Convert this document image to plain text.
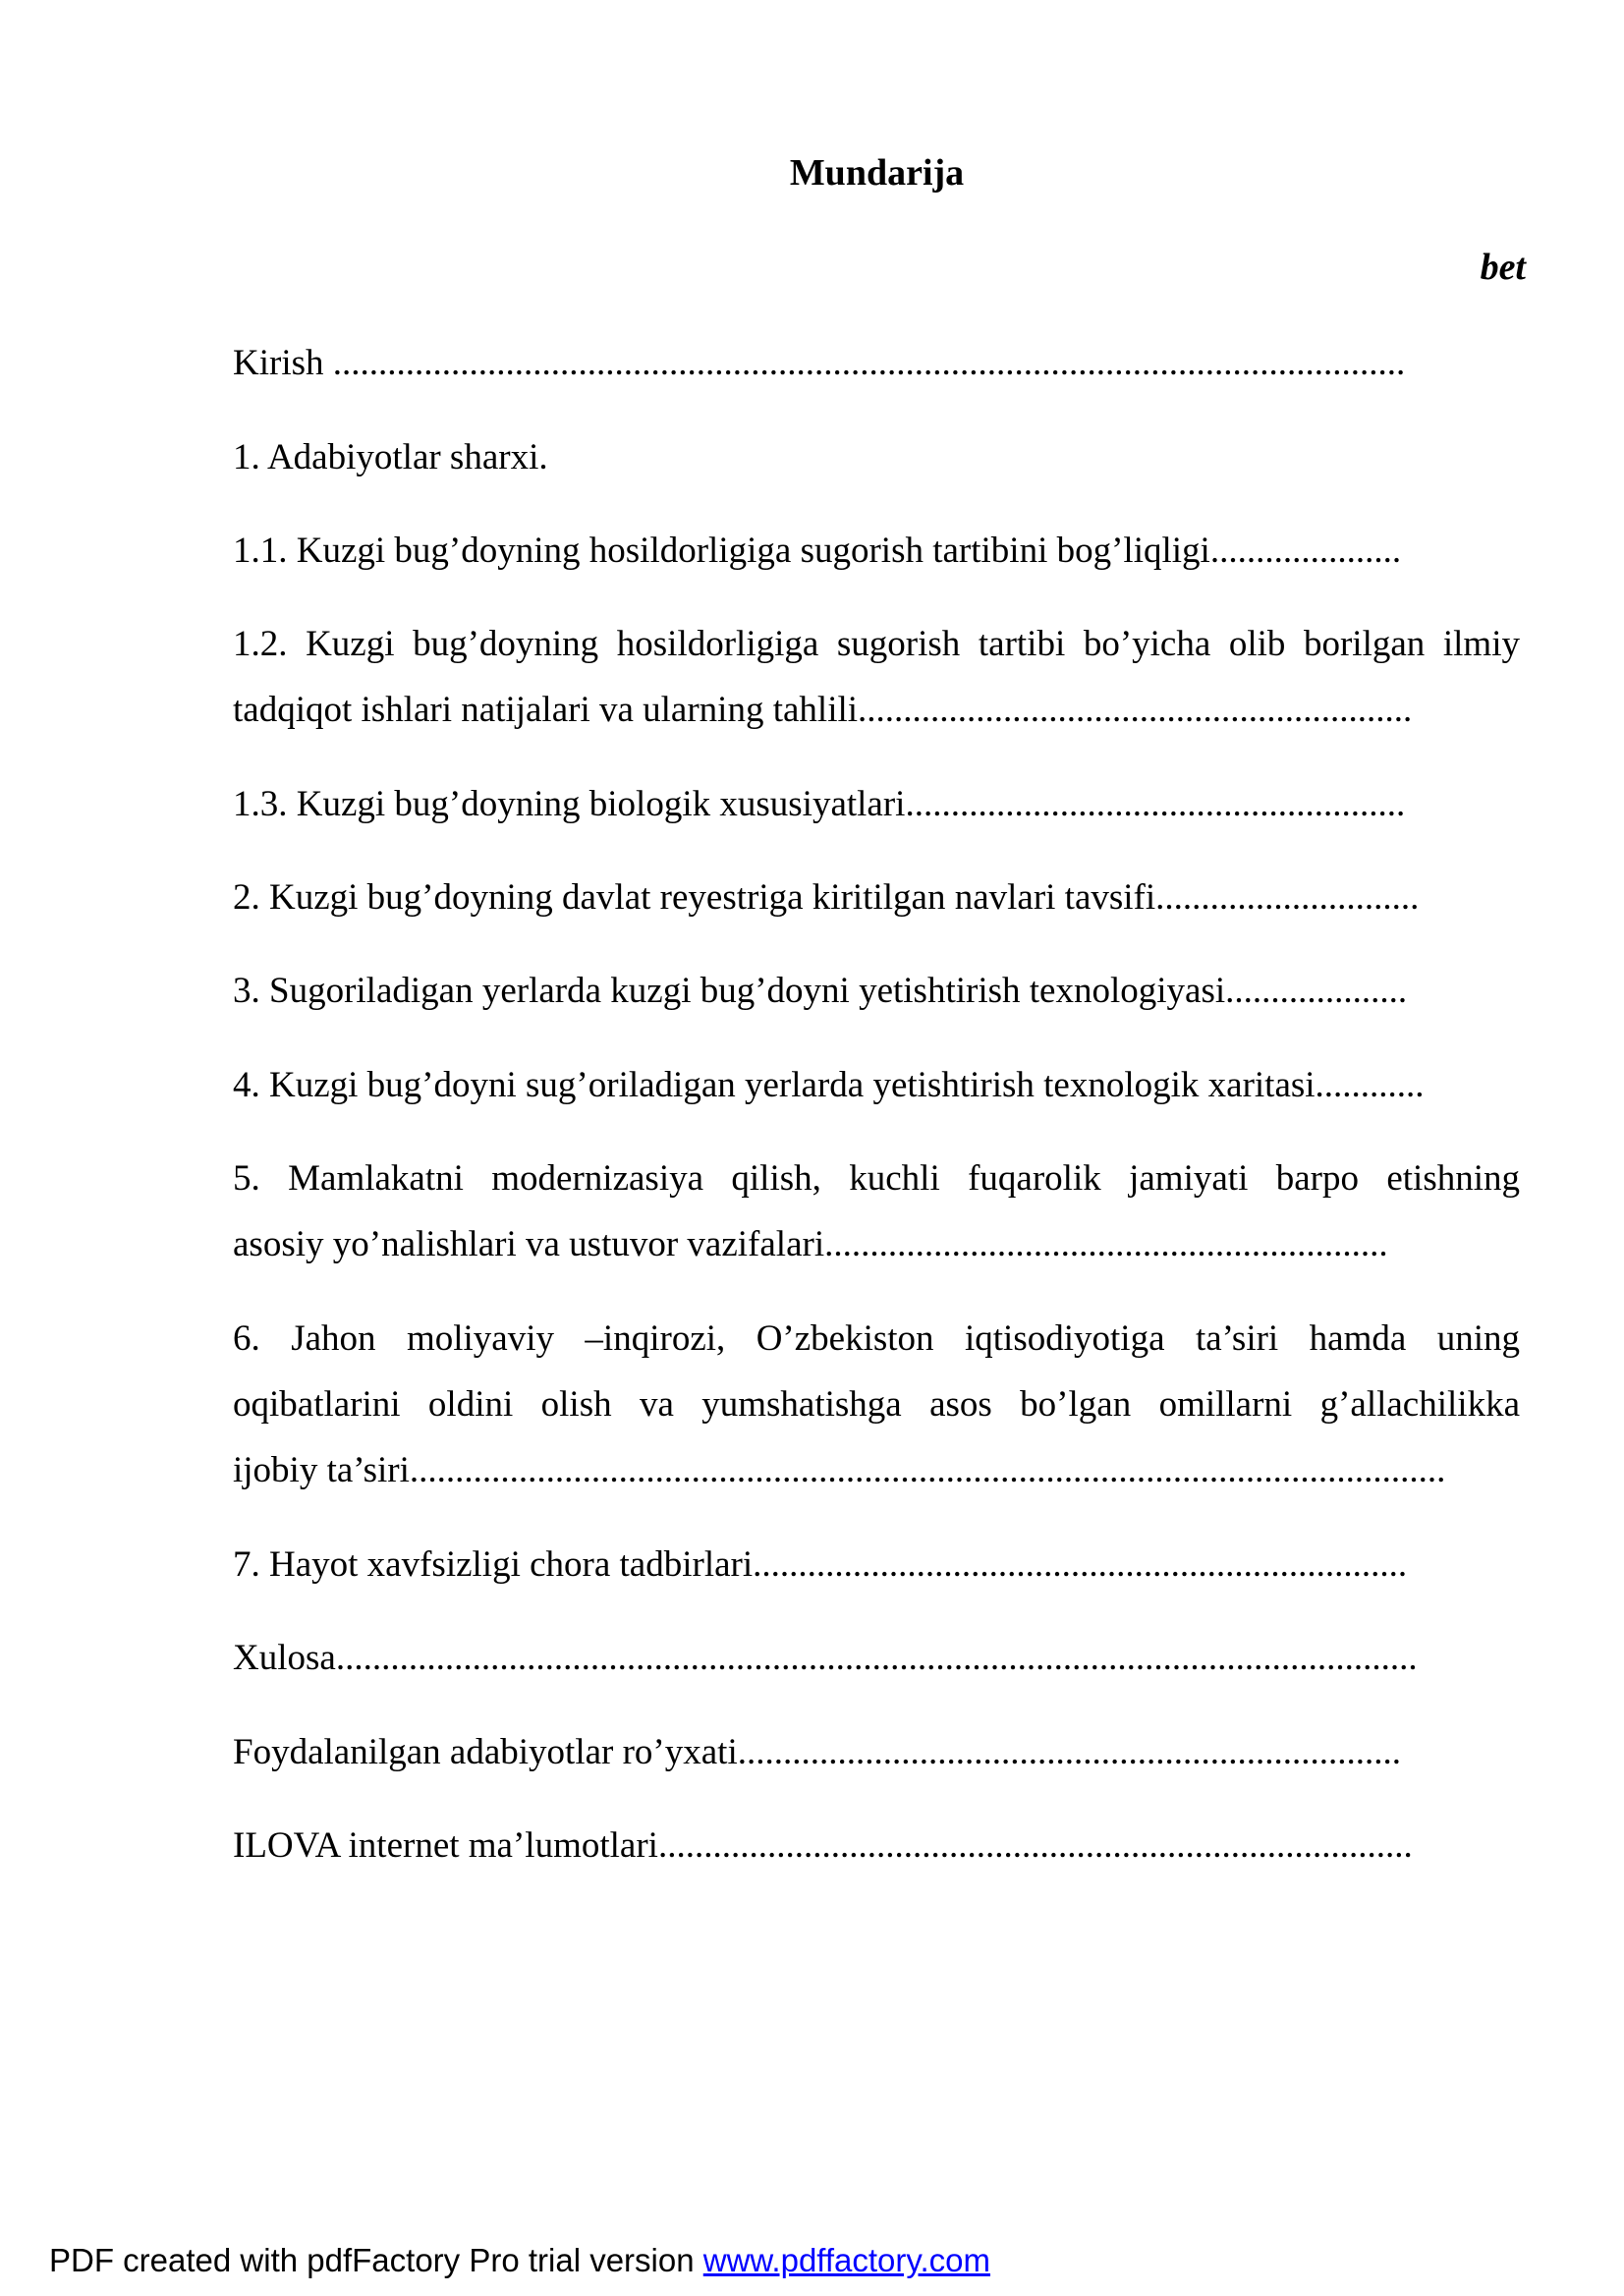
Mundarija
bet
Kirish ......................................................................................................................
1. Adabiyotlar sharxi.
1.1. Kuzgi bug’doyning hosildorligiga sugorish tartibini bog’liqligi.....................
1.2. Kuzgi bug’doyning hosildorligiga sugorish tartibi bo’yicha olib borilgan ilmiy
tadqiqot ishlari natijalari va ularning tahlili.............................................................
1.3. Kuzgi bug’doyning biologik xususiyatlari.......................................................
2. Kuzgi bug’doyning davlat reyestriga kiritilgan navlari tavsifi.............................
3. Sugoriladigan yerlarda kuzgi bug’doyni yetishtirish texnologiyasi....................
4. Kuzgi bug’doyni sug’oriladigan yerlarda yetishtirish texnologik xaritasi............
5. Mamlakatni modernizasiya qilish, kuchli fuqarolik jamiyati barpo etishning
asosiy yo’nalishlari va ustuvor vazifalari..............................................................
6. Jahon moliyaviy –inqirozi, O’zbekiston iqtisodiyotiga ta’siri hamda uning
oqibatlarini oldini olish va yumshatishga asos bo’lgan omillarni g’allachilikka
ijobiy ta’siri..................................................................................................................
7. Hayot xavfsizligi chora tadbirlari........................................................................
Xulosa.......................................................................................................................
Foydalanilgan adabiyotlar ro’yxati.........................................................................
ILOVA internet ma’lumotlari...................................................................................
PDF created with pdfFactory Pro trial version www.pdffactory.com
